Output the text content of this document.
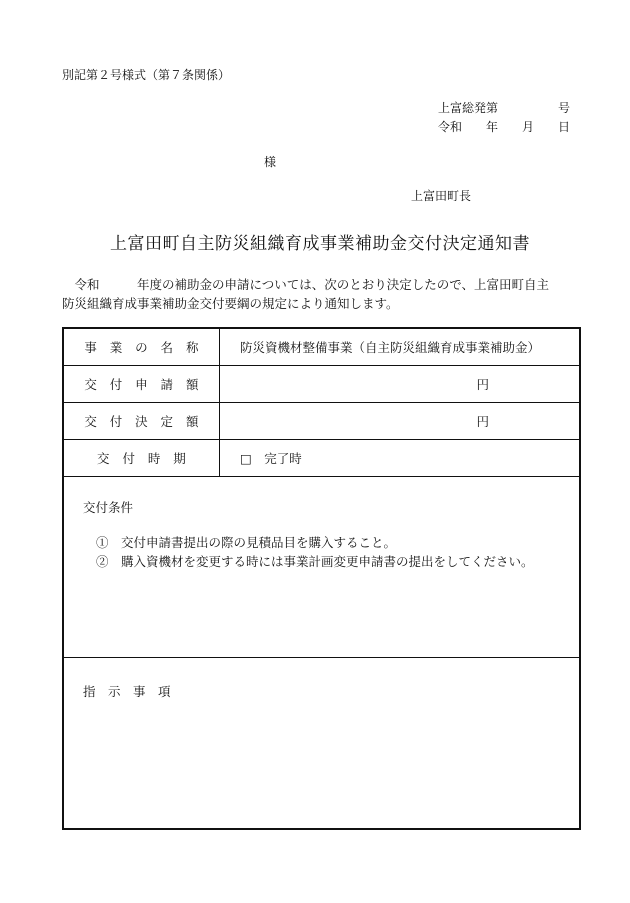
別記第２号様式（第７条関係）
上富総発第　　　　　号
令和　　年　　月　　日
様
上富田町長
上富田町自主防災組織育成事業補助金交付決定通知書
　令和　　　年度の補助金の申請については、次のとおり決定したので、上富田町自主
防災組織育成事業補助金交付要綱の規定により通知します。
事　業　の　名　称	防災資機材整備事業（自主防災組織育成事業補助金）
交　付　申　請　額	円
交　付　決　定　額	円
交　付　時　期	□　完了時

交付条件
①　交付申請書提出の際の見積品目を購入すること。
②　購入資機材を変更する時には事業計画変更申請書の提出をしてください。	

指　示　事　項	
